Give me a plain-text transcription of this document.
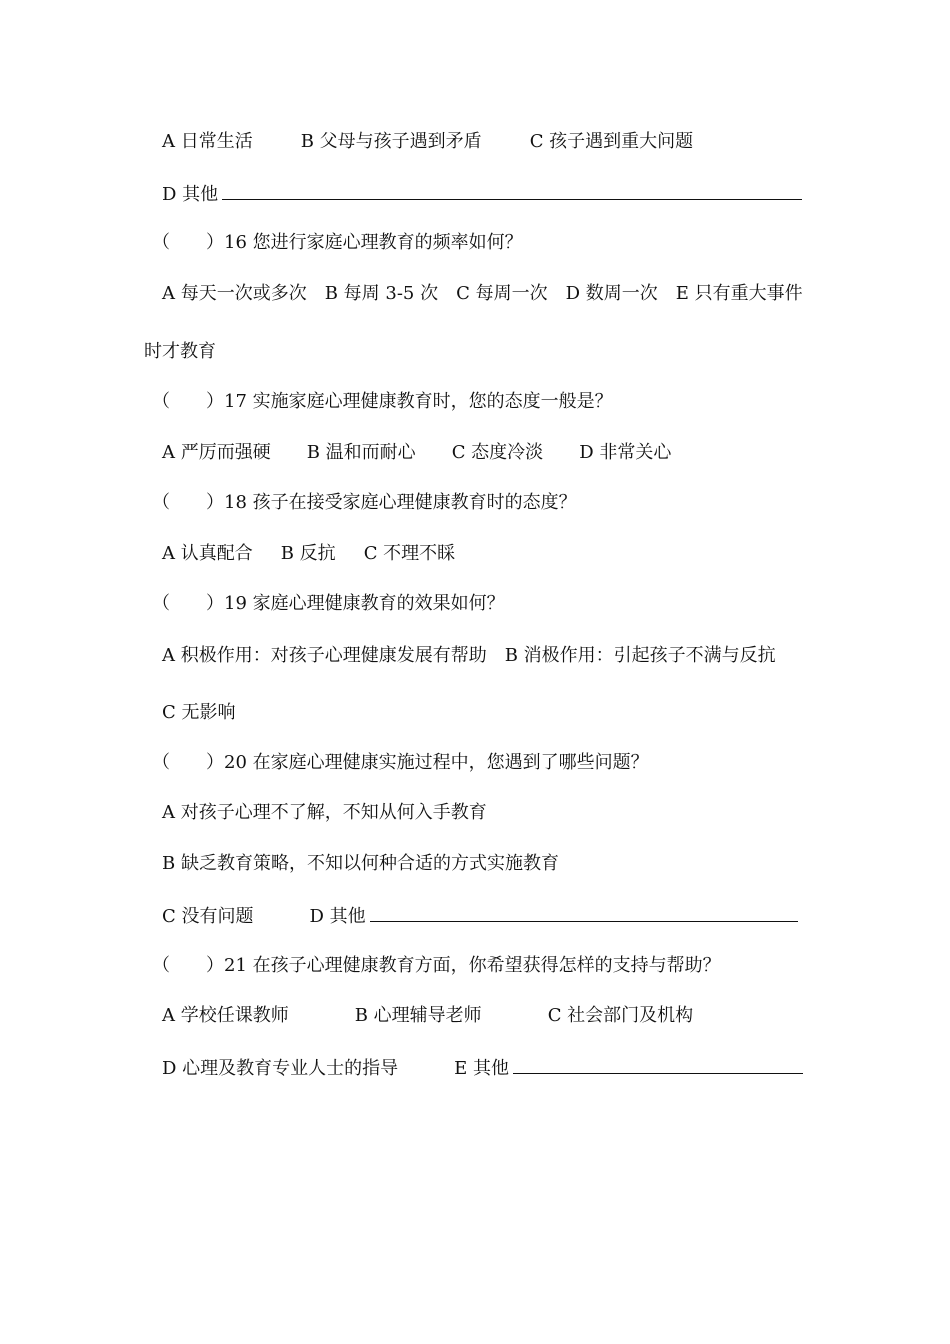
A 日常生活	B 父母与孩子遇到矛盾	C 孩子遇到重大问题
D 其他
（　　）16 您进行家庭心理教育的频率如何？
A 每天一次或多次　B 每周 3-5 次　C 每周一次　D 数周一次　E 只有重大事件
时才教育
（　　）17 实施家庭心理健康教育时，您的态度一般是？
A 严厉而强硬 B 温和而耐心 C 态度冷淡 D 非常关心
（　　）18 孩子在接受家庭心理健康教育时的态度？
A 认真配合 B 反抗 C 不理不睬
（　　）19 家庭心理健康教育的效果如何？
A 积极作用：对孩子心理健康发展有帮助　B 消极作用：引起孩子不满与反抗
C 无影响
（　　）20 在家庭心理健康实施过程中，您遇到了哪些问题？
A 对孩子心理不了解，不知从何入手教育
B 缺乏教育策略，不知以何种合适的方式实施教育
C 没有问题	D 其他
（　　）21 在孩子心理健康教育方面，你希望获得怎样的支持与帮助？
A 学校任课教师	B 心理辅导老师	C 社会部门及机构
D 心理及教育专业人士的指导	E 其他
